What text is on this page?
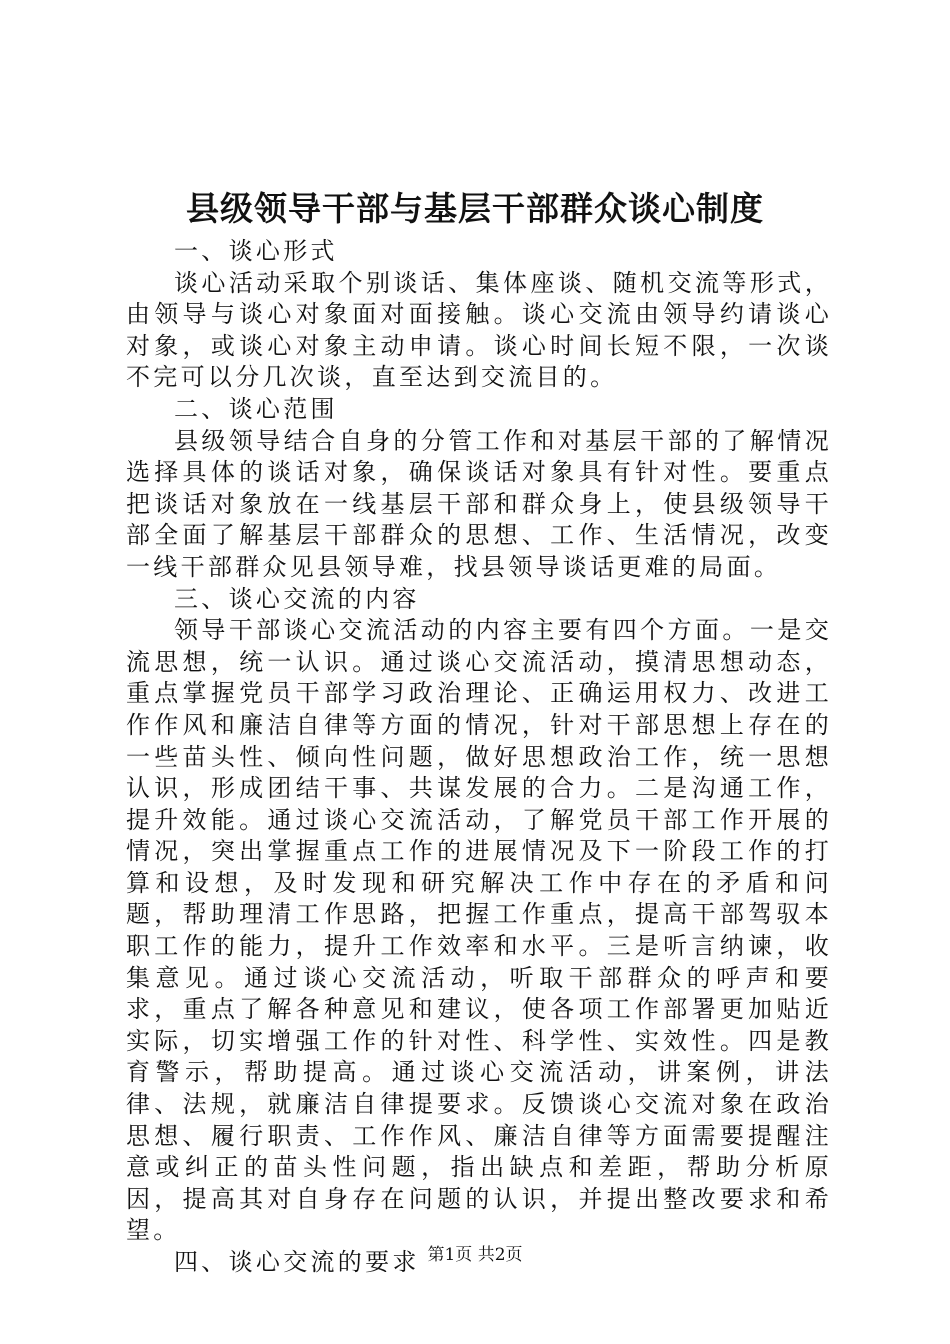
县级领导干部与基层干部群众谈心制度

一、谈心形式

谈心活动采取个别谈话、集体座谈、随机交流等形式，由领导与谈心对象面对面接触。谈心交流由领导约请谈心对象，或谈心对象主动申请。谈心时间长短不限，一次谈不完可以分几次谈，直至达到交流目的。

二、谈心范围

县级领导结合自身的分管工作和对基层干部的了解情况选择具体的谈话对象，确保谈话对象具有针对性。要重点把谈话对象放在一线基层干部和群众身上，使县级领导干部全面了解基层干部群众的思想、工作、生活情况，改变一线干部群众见县领导难，找县领导谈话更难的局面。

三、谈心交流的内容

领导干部谈心交流活动的内容主要有四个方面。一是交流思想，统一认识。通过谈心交流活动，摸清思想动态，重点掌握党员干部学习政治理论、正确运用权力、改进工作作风和廉洁自律等方面的情况，针对干部思想上存在的一些苗头性、倾向性问题，做好思想政治工作，统一思想认识，形成团结干事、共谋发展的合力。二是沟通工作，提升效能。通过谈心交流活动，了解党员干部工作开展的情况，突出掌握重点工作的进展情况及下一阶段工作的打算和设想，及时发现和研究解决工作中存在的矛盾和问题，帮助理清工作思路，把握工作重点，提高干部驾驭本职工作的能力，提升工作效率和水平。三是听言纳谏，收集意见。通过谈心交流活动，听取干部群众的呼声和要求，重点了解各种意见和建议，使各项工作部署更加贴近实际，切实增强工作的针对性、科学性、实效性。四是教育警示，帮助提高。通过谈心交流活动，讲案例，讲法律、法规，就廉洁自律提要求。反馈谈心交流对象在政治思想、履行职责、工作作风、廉洁自律等方面需要提醒注意或纠正的苗头性问题，指出缺点和差距，帮助分析原因，提高其对自身存在问题的认识，并提出整改要求和希望。

四、谈心交流的要求 第1页 共2页
